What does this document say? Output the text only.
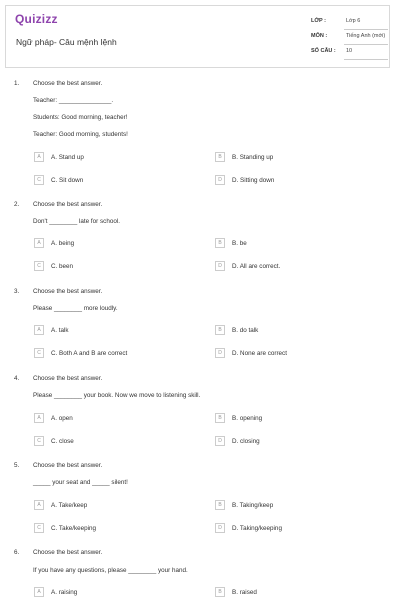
Quizizz
Ngữ pháp- Câu mệnh lệnh
LỚP :	Lớp 6
MÔN :	Tiếng Anh (mới)
SỐ CÂU : 10
1. Choose the best answer.
Teacher: _______________.
Students: Good morning, teacher!
Teacher: Good morning, students!
A	A. Stand up	B	B. Standing up
C	C. Sit down	D	D. Sitting down
2. Choose the best answer.
Don't ________ late for school.
A	A. being	B	B. be
C	C. been	D	D. All are correct.
3. Choose the best answer.
Please ________ more loudly.
A	A. talk	B	B. do talk
C	C. Both A and B are correct	D	D. None are correct
4. Choose the best answer.
Please ________ your book. Now we move to listening skill.
A	A. open	B	B. opening
C	C. close	D	D. closing
5. Choose the best answer.
_____ your seat and _____ silent!
A	A. Take/keep	B	B. Taking/keep
C	C. Take/keeping	D	D. Taking/keeping
6. Choose the best answer.
If you have any questions, please ________ your hand.
A	A. raising	B	B. raised
